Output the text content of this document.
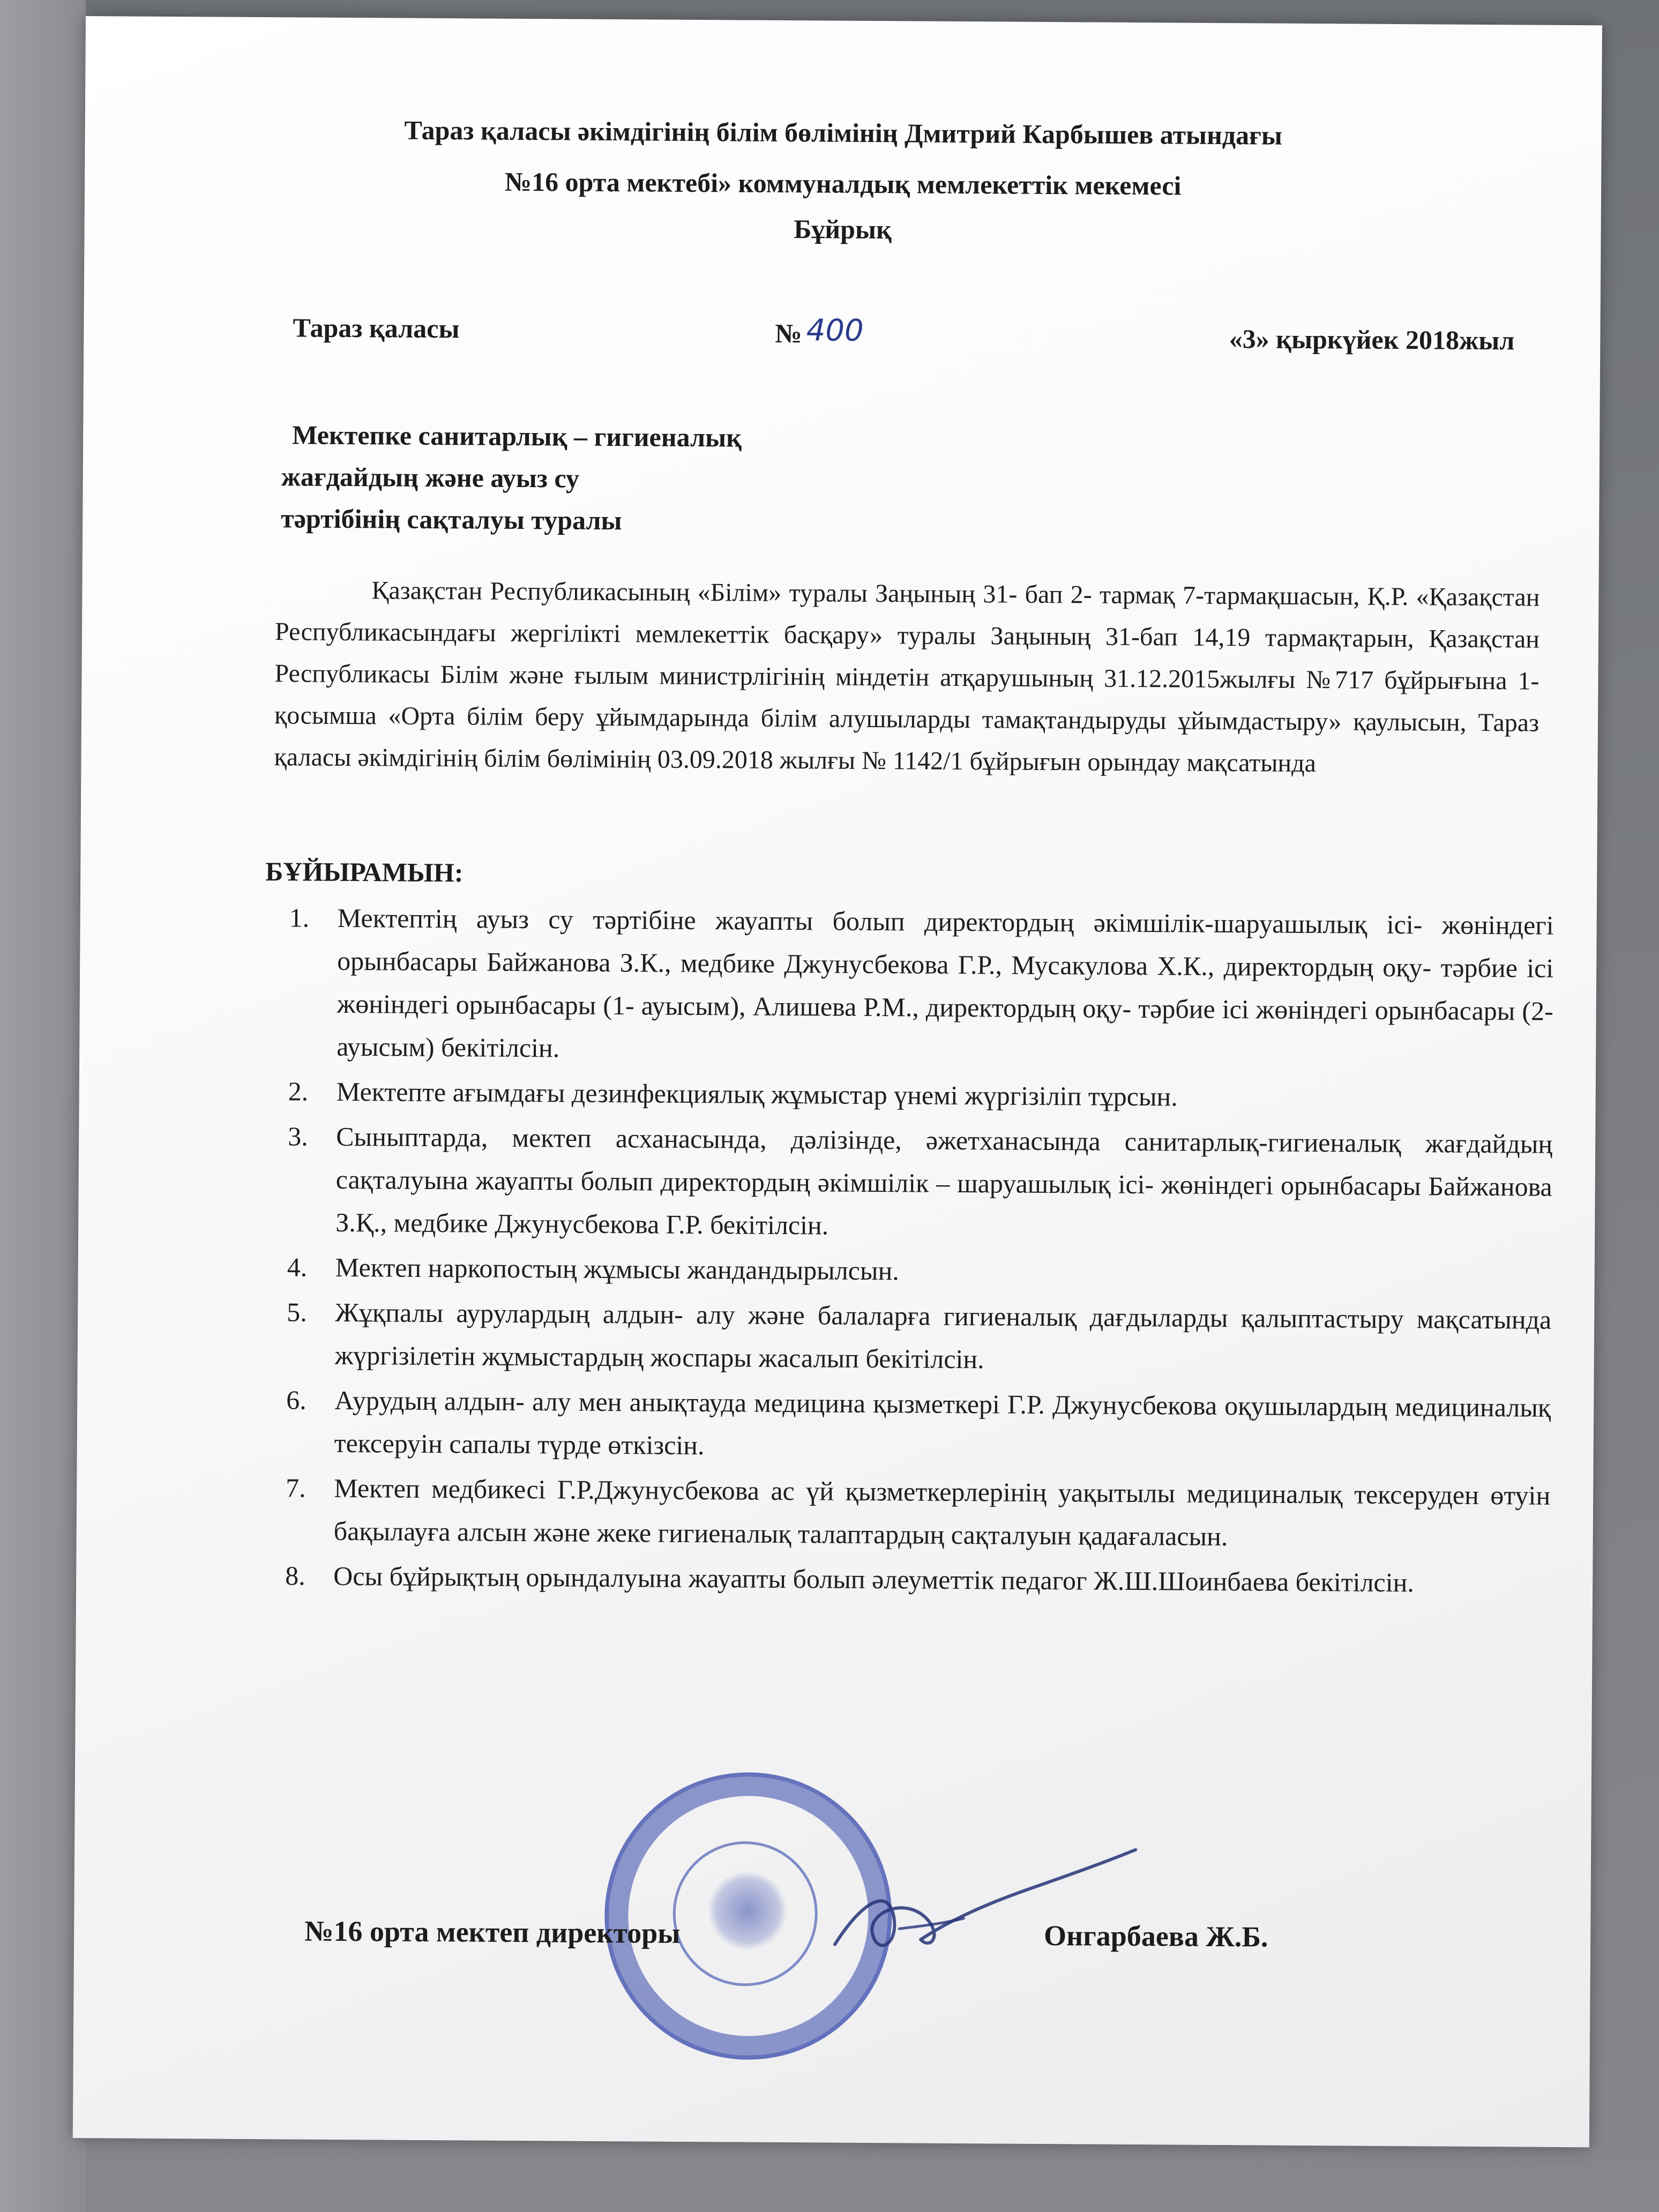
Тараз қаласы әкімдігінің білім бөлімінің Дмитрий Карбышев атындағы
№16 орта мектебі» коммуналдық мемлекеттік мекемесі
Бұйрық
Тараз қаласы	№ 400	«3» қыркүйек 2018жыл
Мектепке санитарлық – гигиеналық
жағдайдың және ауыз су
тәртібінің сақталуы туралы
Қазақстан Республикасының «Білім» туралы Заңының 31- бап 2- тармақ 7-тармақшасын, Қ.Р. «Қазақстан Республикасындағы жергілікті мемлекеттік басқару» туралы Заңының 31-бап 14,19 тармақтарын, Қазақстан Республикасы Білім және ғылым министрлігінің міндетін атқарушының 31.12.2015жылғы №717 бұйрығына 1-қосымша «Орта білім беру ұйымдарында білім алушыларды тамақтандыруды ұйымдастыру» қаулысын, Тараз қаласы әкімдігінің білім бөлімінің 03.09.2018 жылғы № 1142/1 бұйрығын орындау мақсатында
БҰЙЫРАМЫН:
1. Мектептің ауыз су тәртібіне жауапты болып директордың әкімшілік-шаруашылық ісі- жөніндегі орынбасары Байжанова З.К., медбике Джунусбекова Г.Р., Мусакулова Х.К., директордың оқу- тәрбие ісі жөніндегі орынбасары (1- ауысым), Алишева Р.М., директордың оқу- тәрбие ісі жөніндегі орынбасары (2- ауысым) бекітілсін.
2. Мектепте ағымдағы дезинфекциялық жұмыстар үнемі жүргізіліп тұрсын.
3. Сыныптарда, мектеп асханасында, дәлізінде, әжетханасында санитарлық-гигиеналық жағдайдың сақталуына жауапты болып директордың әкімшілік – шаруашылық ісі- жөніндегі орынбасары Байжанова З.Қ., медбике Джунусбекова Г.Р. бекітілсін.
4. Мектеп наркопостың жұмысы жандандырылсын.
5. Жұқпалы аурулардың алдын- алу және балаларға гигиеналық дағдыларды қалыптастыру мақсатында жүргізілетін жұмыстардың жоспары жасалып бекітілсін.
6. Аурудың алдын- алу мен анықтауда медицина қызметкері Г.Р. Джунусбекова оқушылардың медициналық тексеруін сапалы түрде өткізсін.
7. Мектеп медбикесі Г.Р.Джунусбекова ас үй қызметкерлерінің уақытылы медициналық тексеруден өтуін бақылауға алсын және жеке гигиеналық талаптардың сақталуын қадағаласын.
8. Осы бұйрықтың орындалуына жауапты болып әлеуметтік педагог Ж.Ш.Шоинбаева бекітілсін.
№16 орта мектеп директоры	Онгарбаева Ж.Б.
